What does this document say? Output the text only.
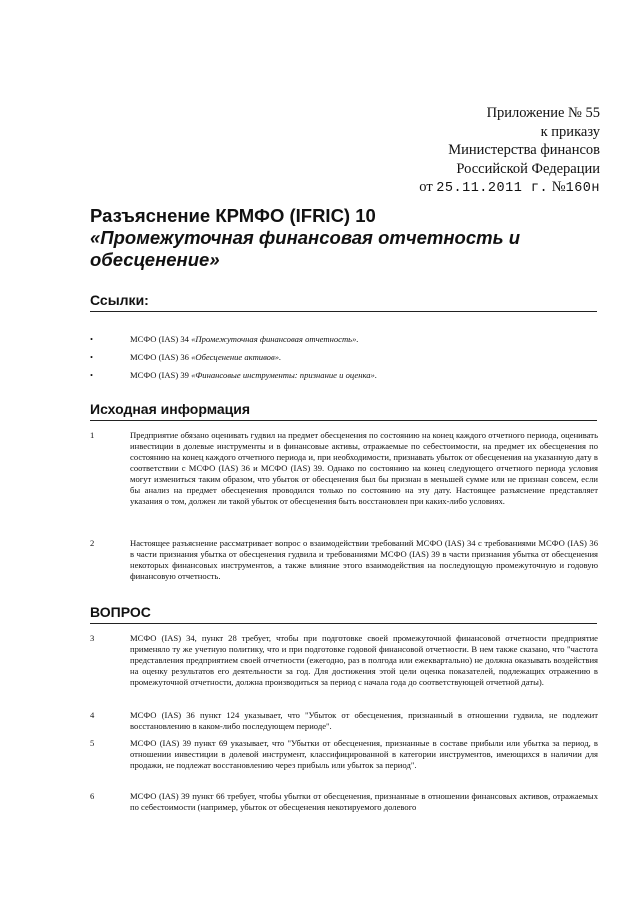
Приложение № 55
к приказу
Министерства финансов
Российской Федерации
от 25.11.2011 г. №160н
Разъяснение КРМФО (IFRIC) 10
«Промежуточная финансовая отчетность и обесценение»
Ссылки:
•	МСФО (IAS) 34 «Промежуточная финансовая отчетность».
•	МСФО (IAS) 36 «Обесценение активов».
•	МСФО (IAS) 39 «Финансовые инструменты: признание и оценка».
Исходная информация
1	Предприятие обязано оценивать гудвил на предмет обесценения по состоянию на конец каждого отчетного периода, оценивать инвестиции в долевые инструменты и в финансовые активы, отражаемые по себестоимости, на предмет их обесценения по состоянию на конец каждого отчетного периода и, при необходимости, признавать убыток от обесценения на указанную дату в соответствии с МСФО (IAS) 36 и МСФО (IAS) 39. Однако по состоянию на конец следующего отчетного периода условия могут измениться таким образом, что убыток от обесценения был бы признан в меньшей сумме или не признан совсем, если бы анализ на предмет обесценения проводился только по состоянию на эту дату. Настоящее разъяснение представляет указания о том, должен ли такой убыток от обесценения быть восстановлен при каких-либо условиях.
2	Настоящее разъяснение рассматривает вопрос о взаимодействии требований МСФО (IAS) 34 с требованиями МСФО (IAS) 36 в части признания убытка от обесценения гудвила и требованиями МСФО (IAS) 39 в части признания убытка от обесценения некоторых финансовых инструментов, а также влияние этого взаимодействия на последующую промежуточную и годовую финансовую отчетность.
ВОПРОС
3	МСФО (IAS) 34, пункт 28 требует, чтобы при подготовке своей промежуточной финансовой отчетности предприятие применяло ту же учетную политику, что и при подготовке годовой финансовой отчетности. В нем также сказано, что "частота представления предприятием своей отчетности (ежегодно, раз в полгода или ежеквартально) не должна оказывать воздействия на оценку результатов его деятельности за год. Для достижения этой цели оценка показателей, подлежащих отражению в промежуточной отчетности, должна производиться за период с начала года до соответствующей отчетной даты).
4	МСФО (IAS) 36 пункт 124 указывает, что "Убыток от обесценения, признанный в отношении гудвила, не подлежит восстановлению в каком-либо последующем периоде".
5	МСФО (IAS) 39 пункт 69 указывает, что "Убытки от обесценения, признанные в составе прибыли или убытка за период, в отношении инвестиции в долевой инструмент, классифицированной в категории инструментов, имеющихся в наличии для продажи, не подлежат восстановлению через прибыль или убыток за период".
6	МСФО (IAS) 39 пункт 66 требует, чтобы убытки от обесценения, признанные в отношении финансовых активов, отражаемых по себестоимости (например, убыток от обесценения некотируемого долевого
